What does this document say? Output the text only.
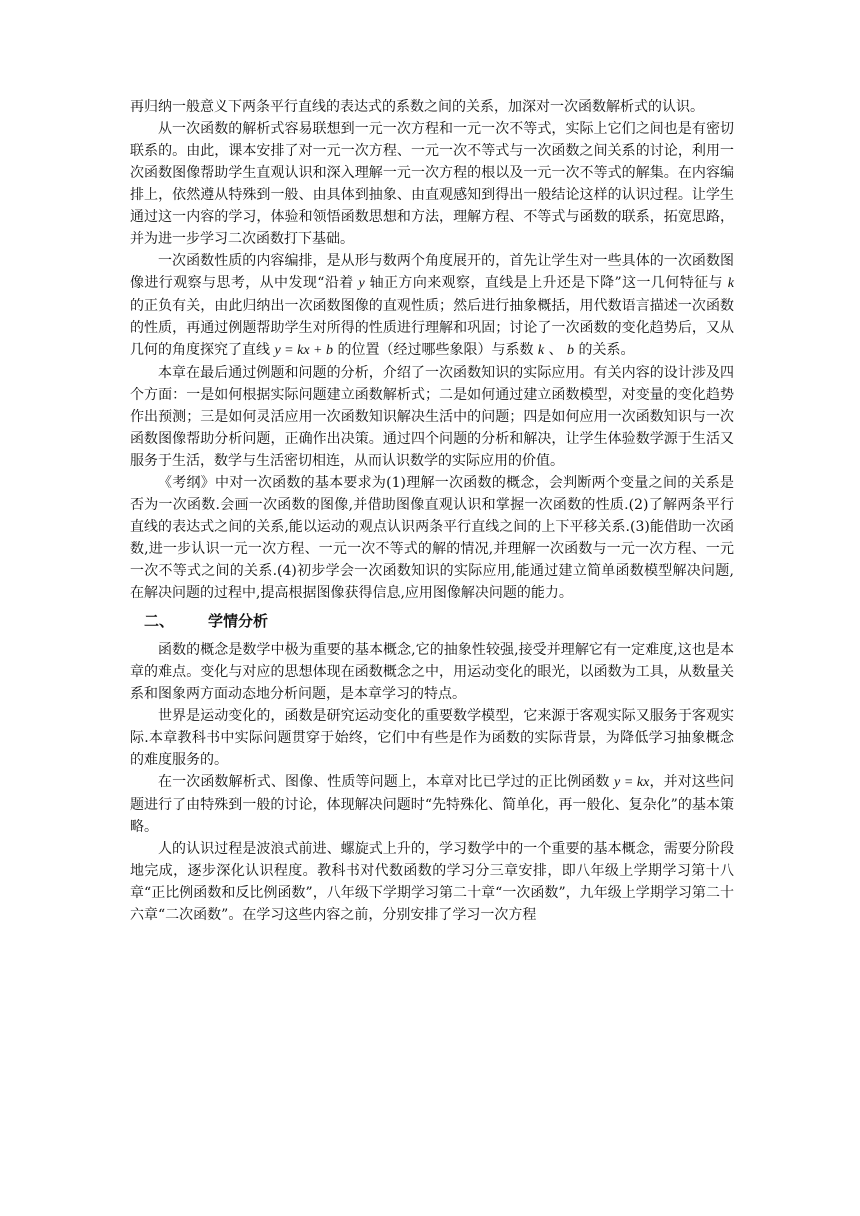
再归纳一般意义下两条平行直线的表达式的系数之间的关系，加深对一次函数解析式的认识。

从一次函数的解析式容易联想到一元一次方程和一元一次不等式，实际上它们之间也是有密切联系的。由此，课本安排了对一元一次方程、一元一次不等式与一次函数之间关系的讨论，利用一次函数图像帮助学生直观认识和深入理解一元一次方程的根以及一元一次不等式的解集。在内容编排上，依然遵从特殊到一般、由具体到抽象、由直观感知到得出一般结论这样的认识过程。让学生通过这一内容的学习，体验和领悟函数思想和方法，理解方程、不等式与函数的联系，拓宽思路，并为进一步学习二次函数打下基础。

一次函数性质的内容编排，是从形与数两个角度展开的，首先让学生对一些具体的一次函数图像进行观察与思考，从中发现“沿着 y 轴正方向来观察，直线是上升还是下降”这一几何特征与 k 的正负有关，由此归纳出一次函数图像的直观性质；然后进行抽象概括，用代数语言描述一次函数的性质，再通过例题帮助学生对所得的性质进行理解和巩固；讨论了一次函数的变化趋势后，又从几何的角度探究了直线 y = kx + b 的位置（经过哪些象限）与系数 k 、 b 的关系。

本章在最后通过例题和问题的分析，介绍了一次函数知识的实际应用。有关内容的设计涉及四个方面：一是如何根据实际问题建立函数解析式；二是如何通过建立函数模型，对变量的变化趋势作出预测；三是如何灵活应用一次函数知识解决生活中的问题；四是如何应用一次函数知识与一次函数图像帮助分析问题，正确作出决策。通过四个问题的分析和解决，让学生体验数学源于生活又服务于生活，数学与生活密切相连，从而认识数学的实际应用的价值。

《考纲》中对一次函数的基本要求为(1)理解一次函数的概念，会判断两个变量之间的关系是否为一次函数.会画一次函数的图像,并借助图像直观认识和掌握一次函数的性质.(2)了解两条平行直线的表达式之间的关系,能以运动的观点认识两条平行直线之间的上下平移关系.(3)能借助一次函数,进一步认识一元一次方程、一元一次不等式的解的情况,并理解一次函数与一元一次方程、一元一次不等式之间的关系.(4)初步学会一次函数知识的实际应用,能通过建立简单函数模型解决问题,在解决问题的过程中,提高根据图像获得信息,应用图像解决问题的能力。

二、 学情分析

函数的概念是数学中极为重要的基本概念,它的抽象性较强,接受并理解它有一定难度,这也是本章的难点。变化与对应的思想体现在函数概念之中，用运动变化的眼光，以函数为工具，从数量关系和图象两方面动态地分析问题，是本章学习的特点。

世界是运动变化的，函数是研究运动变化的重要数学模型，它来源于客观实际又服务于客观实际.本章教科书中实际问题贯穿于始终，它们中有些是作为函数的实际背景，为降低学习抽象概念的难度服务的。

在一次函数解析式、图像、性质等问题上，本章对比已学过的正比例函数 y = kx，并对这些问题进行了由特殊到一般的讨论，体现解决问题时“先特殊化、简单化，再一般化、复杂化”的基本策略。

人的认识过程是波浪式前进、螺旋式上升的，学习数学中的一个重要的基本概念，需要分阶段地完成，逐步深化认识程度。教科书对代数函数的学习分三章安排，即八年级上学期学习第十八章“正比例函数和反比例函数”，八年级下学期学习第二十章“一次函数”，九年级上学期学习第二十六章“二次函数”。在学习这些内容之前，分别安排了学习一次方程
